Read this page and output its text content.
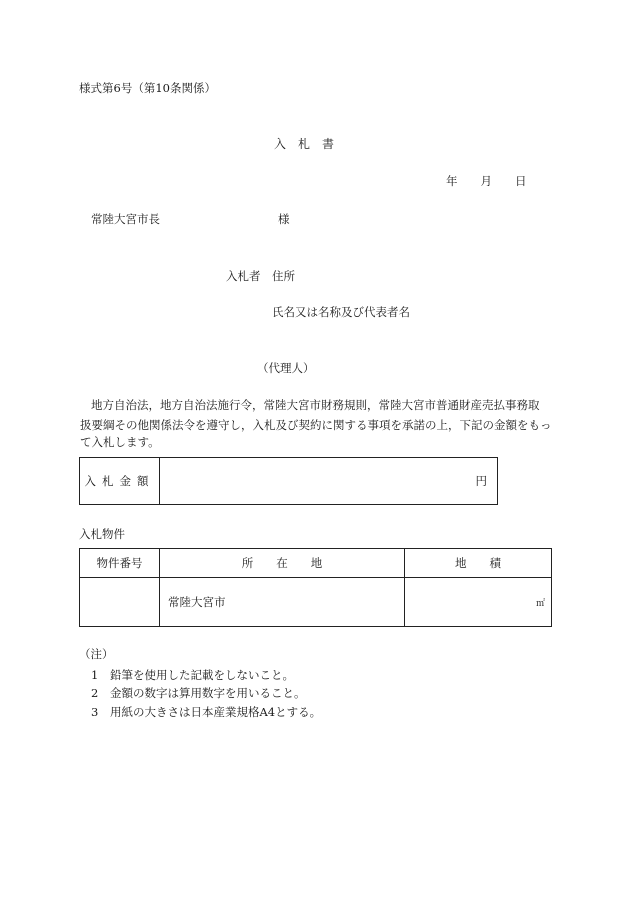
様式第6号（第10条関係）
入　札　書
年　　月　　日
常陸大宮市長	様
入札者 住所
氏名又は名称及び代表者名
（代理人）
地方自治法，地方自治法施行令，常陸大宮市財務規則，常陸大宮市普通財産売払事務取
扱要綱その他関係法令を遵守し，入札及び契約に関する事項を承諾の上，下記の金額をもっ
て入札します。
入札金額	円
入札物件
物件番号	所　　在　　地	地　　積
	常陸大宮市	㎡
（注）
1 鉛筆を使用した記載をしないこと。
2 金額の数字は算用数字を用いること。
3 用紙の大きさは日本産業規格A4とする。
